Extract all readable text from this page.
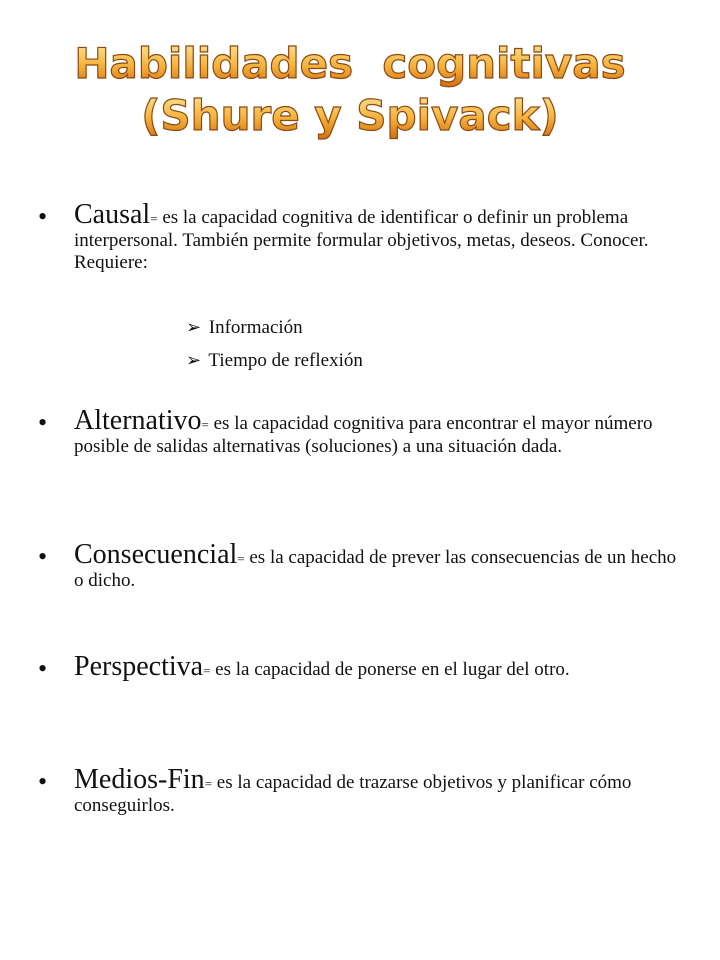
Habilidades  cognitivas
(Shure y Spivack)
• Causal= es la capacidad cognitiva de identificar o definir un problema interpersonal. También permite formular objetivos, metas, deseos. Conocer. Requiere:
➢ Información
➢ Tiempo de reflexión
• Alternativo= es la capacidad cognitiva para encontrar el mayor número posible de salidas alternativas (soluciones) a una situación dada.
• Consecuencial= es la capacidad de prever las consecuencias de un hecho o dicho.
• Perspectiva= es la capacidad de ponerse en el lugar del otro.
• Medios-Fin= es la capacidad de trazarse objetivos y planificar cómo conseguirlos.
